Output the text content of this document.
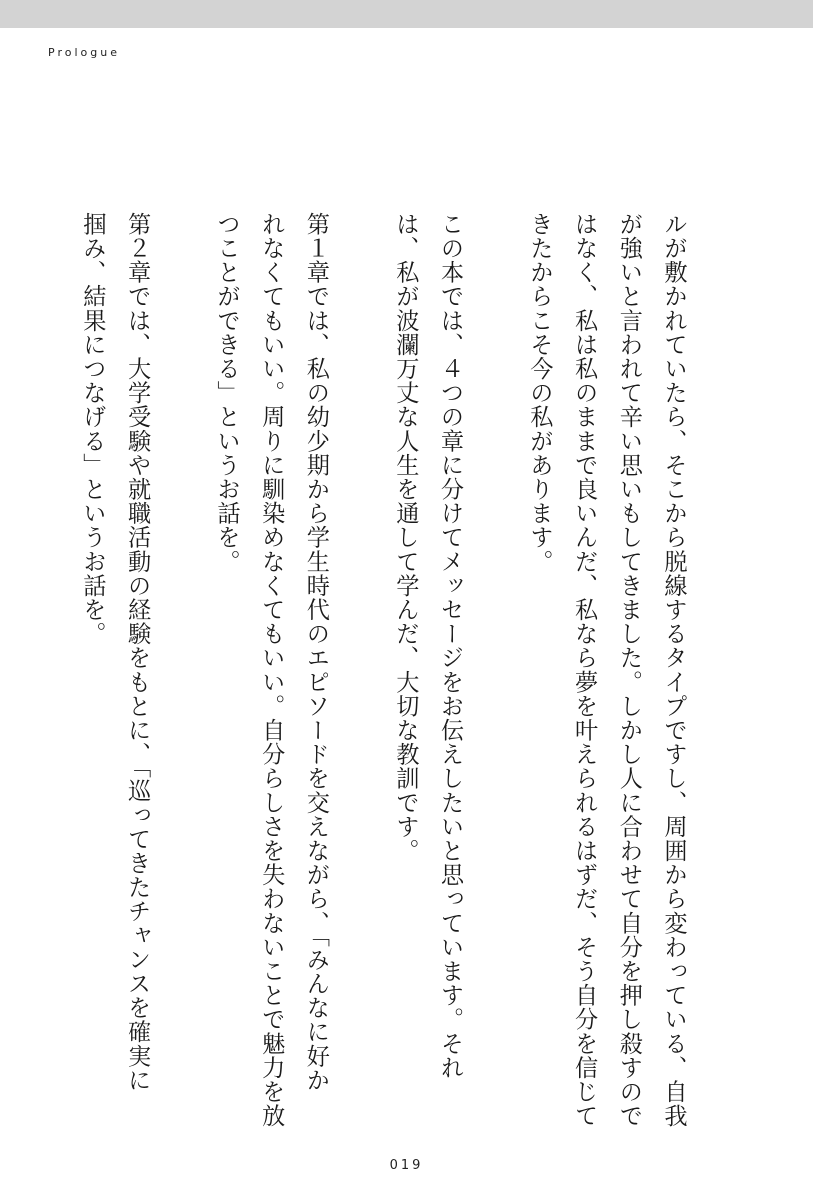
Prologue

ルが敷かれていたら、そこから脱線するタイプですし、周囲から変わっている、自我

が強いと言われて辛い思いもしてきました。しかし人に合わせて自分を押し殺すので

はなく、私は私のままで良いんだ、私なら夢を叶えられるはずだ、そう自分を信じて

きたからこそ今の私があります。

この本では、４つの章に分けてメッセージをお伝えしたいと思っています。それ

は、私が波瀾万丈な人生を通して学んだ、大切な教訓です。

第１章では、私の幼少期から学生時代のエピソードを交えながら、「みんなに好か

れなくてもいい。周りに馴染めなくてもいい。自分らしさを失わないことで魅力を放

つことができる」というお話を。

第２章では、大学受験や就職活動の経験をもとに、「巡ってきたチャンスを確実に

掴み、結果につなげる」というお話を。

019
